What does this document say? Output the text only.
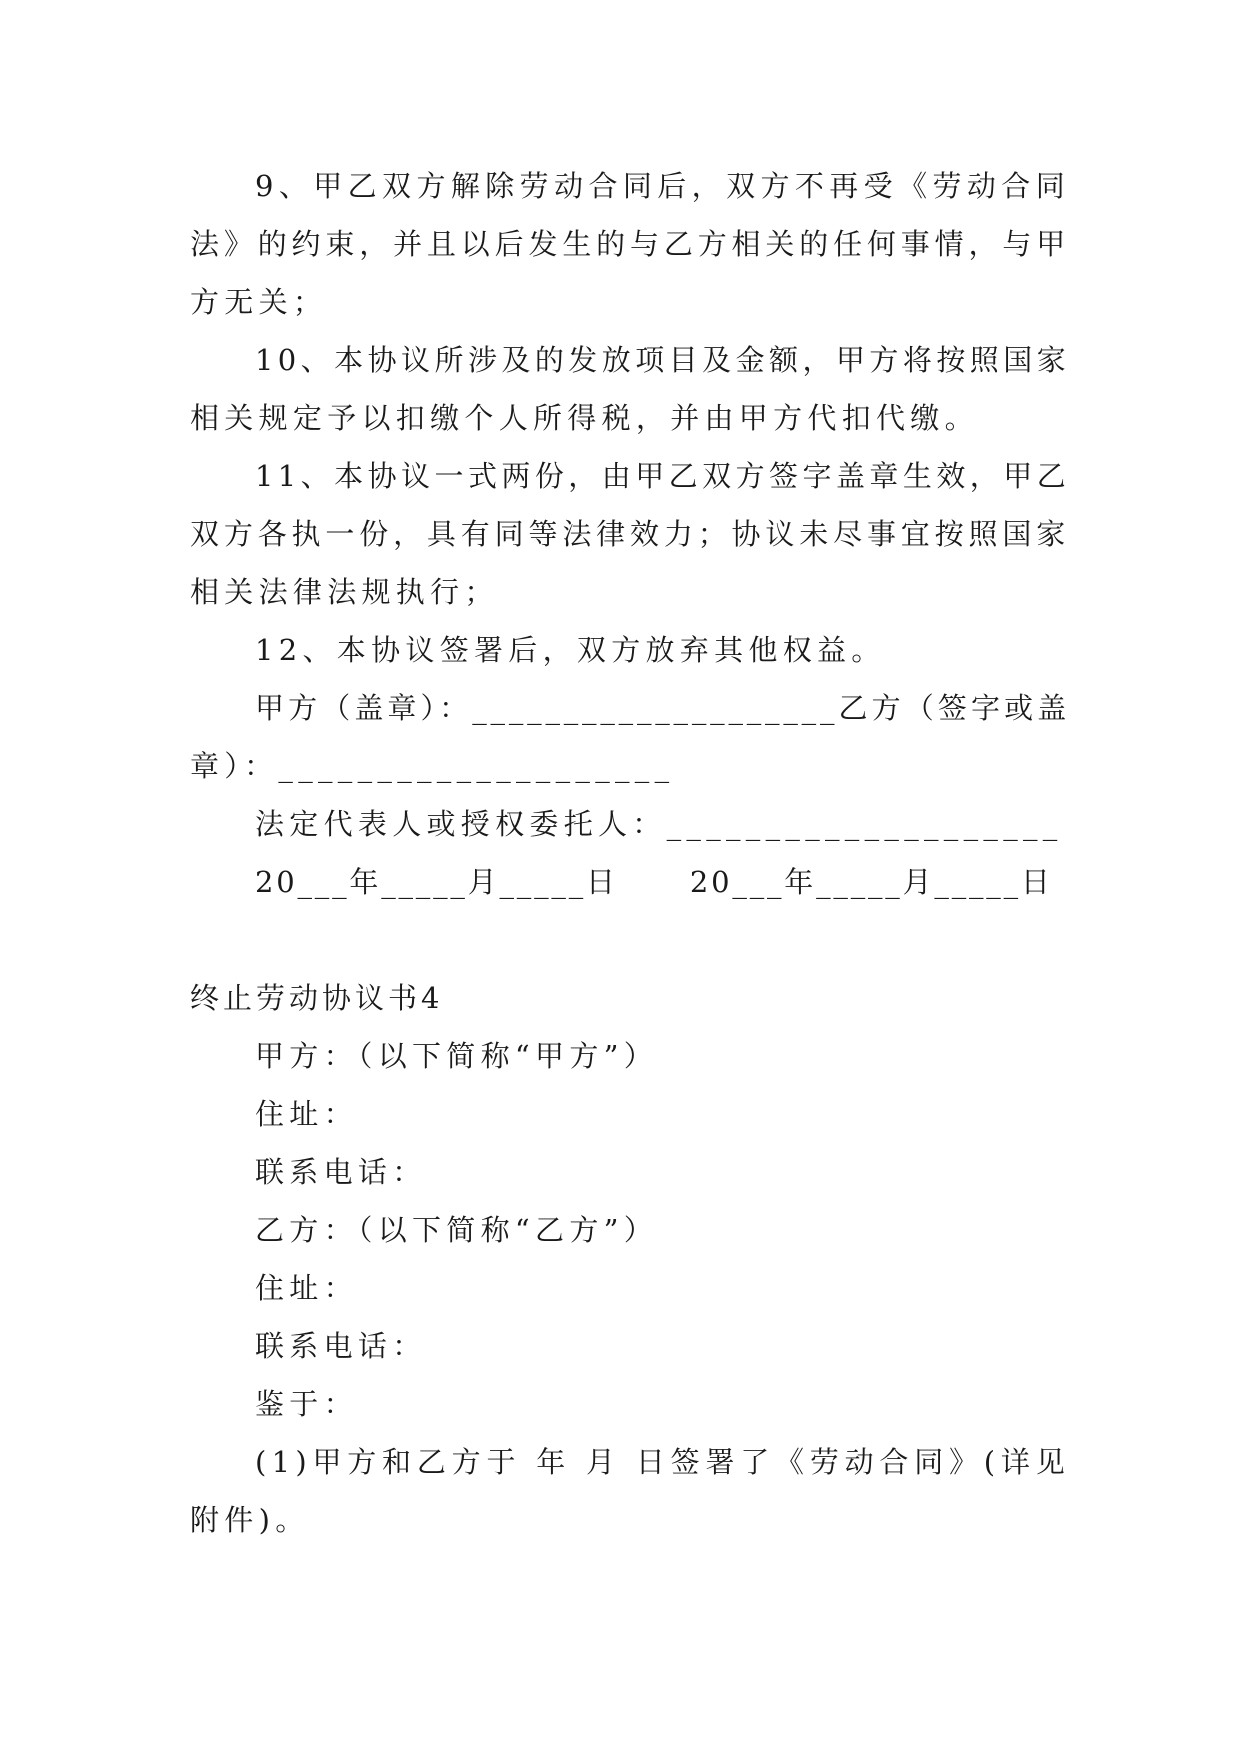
9、甲乙双方解除劳动合同后，双方不再受《劳动合同
法》的约束，并且以后发生的与乙方相关的任何事情，与甲
方无关；
10、本协议所涉及的发放项目及金额，甲方将按照国家
相关规定予以扣缴个人所得税，并由甲方代扣代缴。
11、本协议一式两份，由甲乙双方签字盖章生效，甲乙
双方各执一份，具有同等法律效力；协议未尽事宜按照国家
相关法律法规执行；
12、本协议签署后，双方放弃其他权益。
甲方（盖章）：____________________乙方（签字或盖
章）：____________________
法定代表人或授权委托人：____________________
20___年_____月_____日      20___年_____月_____日
终止劳动协议书4
甲方：（以下简称“甲方”）
住址：
联系电话：
乙方：（以下简称“乙方”）
住址：
联系电话：
鉴于：
(1)甲方和乙方于 年 月 日签署了《劳动合同》(详见
附件)。
